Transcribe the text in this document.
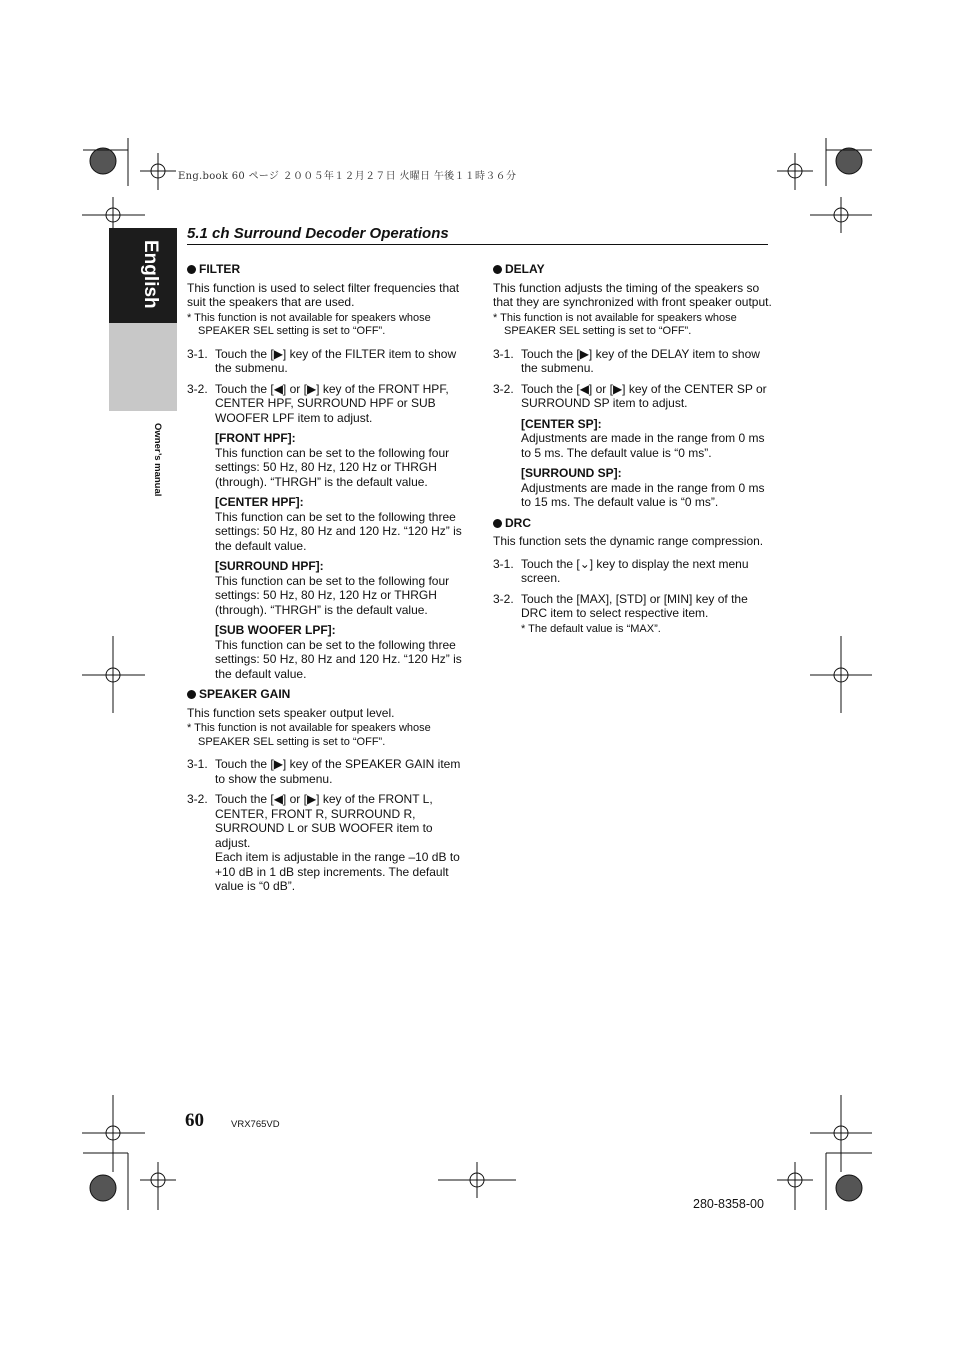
Eng.book 60 ページ ２００５年１２月２７日 火曜日 午後１１時３６分
English
Owner’s manual
5.1 ch Surround Decoder Operations
FILTER

This function is used to select filter frequencies that suit the speakers that are used.

* This function is not available for speakers whose SPEAKER SEL setting is set to “OFF”.

3-1. Touch the [▶] key of the FILTER item to show the submenu.
3-2. Touch the [◀] or [▶] key of the FRONT HPF, CENTER HPF, SURROUND HPF or SUB WOOFER LPF item to adjust.
[FRONT HPF]:
This function can be set to the following four settings: 50 Hz, 80 Hz, 120 Hz or THRGH (through). “THRGH” is the default value.
[CENTER HPF]:
This function can be set to the following three settings: 50 Hz, 80 Hz and 120 Hz. “120 Hz” is the default value.
[SURROUND HPF]:
This function can be set to the following four settings: 50 Hz, 80 Hz, 120 Hz or THRGH (through). “THRGH” is the default value.
[SUB WOOFER LPF]:
This function can be set to the following three settings: 50 Hz, 80 Hz and 120 Hz. “120 Hz” is the default value.
SPEAKER GAIN

This function sets speaker output level.

* This function is not available for speakers whose SPEAKER SEL setting is set to “OFF”.

3-1. Touch the [▶] key of the SPEAKER GAIN item to show the submenu.
3-2. Touch the [◀] or [▶] key of the FRONT L, CENTER, FRONT R, SURROUND R, SURROUND L or SUB WOOFER item to adjust.
Each item is adjustable in the range –10 dB to +10 dB in 1 dB step increments. The default value is “0 dB”.
DELAY

This function adjusts the timing of the speakers so that they are synchronized with front speaker output.

* This function is not available for speakers whose SPEAKER SEL setting is set to “OFF”.

3-1. Touch the [▶] key of the DELAY item to show the submenu.
3-2. Touch the [◀] or [▶] key of the CENTER SP or SURROUND SP item to adjust.
[CENTER SP]:
Adjustments are made in the range from 0 ms to 5 ms. The default value is “0 ms”.
[SURROUND SP]:
Adjustments are made in the range from 0 ms to 15 ms. The default value is “0 ms”.
DRC

This function sets the dynamic range compression.

3-1. Touch the [⌄] key to display the next menu screen.
3-2. Touch the [MAX], [STD] or [MIN] key of the DRC item to select respective item.
* The default value is “MAX”.
60	VRX765VD
280-8358-00
